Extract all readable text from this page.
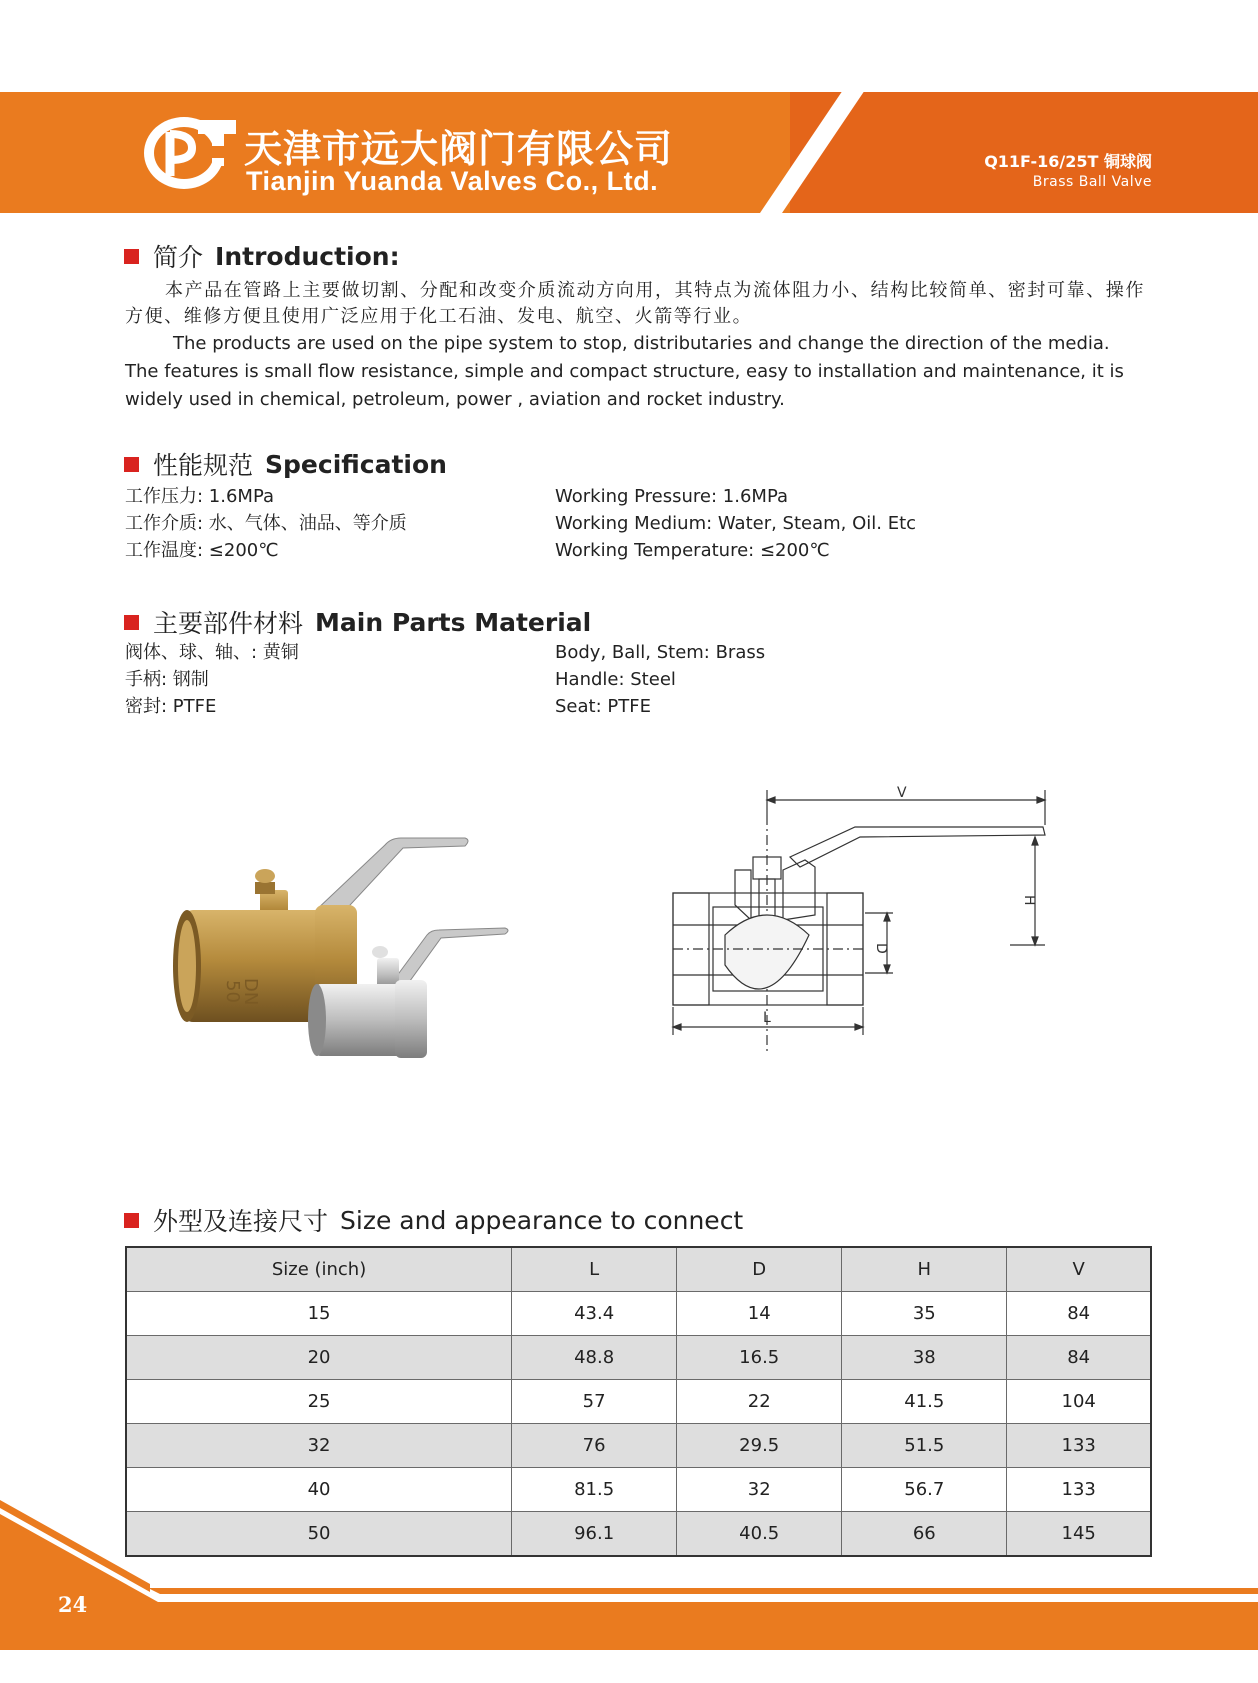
天津市远大阀门有限公司
Tianjin Yuanda Valves Co., Ltd.
Q11F-16/25T 铜球阀
Brass Ball Valve
简介 Introduction:
本产品在管路上主要做切割、分配和改变介质流动方向用，其特点为流体阻力小、结构比较简单、密封可靠、操作方便、维修方便且使用广泛应用于化工石油、发电、航空、火箭等行业。
The products are used on the pipe system to stop, distributaries and change the direction of the media. The features is small flow resistance, simple and compact structure, easy to installation and maintenance, it is widely used in chemical, petroleum, power , aviation and rocket industry.
性能规范 Specification
工作压力: 1.6MPa
工作介质: 水、气体、油品、等介质
工作温度: ≤200℃
Working Pressure: 1.6MPa
Working Medium: Water, Steam, Oil. Etc
Working Temperature: ≤200℃
主要部件材料 Main Parts Material
阀体、球、轴、: 黄铜
手柄: 钢制
密封: PTFE
Body, Ball, Stem: Brass
Handle: Steel
Seat: PTFE
DN
50
V
H
D
L
外型及连接尺寸 Size and appearance to connect
Size (inch)	L	D	H	V
15	43.4	14	35	84
20	48.8	16.5	38	84
25	57	22	41.5	104
32	76	29.5	51.5	133
40	81.5	32	56.7	133
50	96.1	40.5	66	145
24
